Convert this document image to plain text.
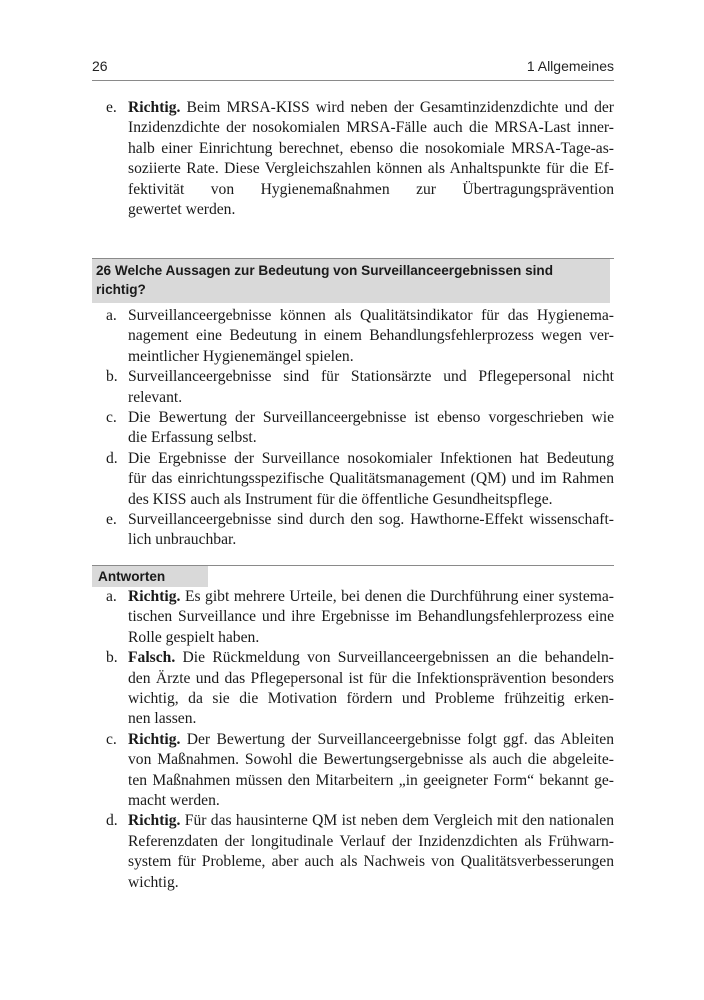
26	1 Allgemeines
e. Richtig. Beim MRSA-KISS wird neben der Gesamtinzidenzdichte und der
Inzidenzdichte der nosokomialen MRSA-Fälle auch die MRSA-Last inner-
halb einer Einrichtung berechnet, ebenso die nosokomiale MRSA-Tage-as-
soziierte Rate. Diese Vergleichszahlen können als Anhaltspunkte für die Ef-
fektivität von Hygienemaßnahmen zur Übertragungsprävention
gewertet werden.
26 Welche Aussagen zur Bedeutung von Surveillanceergebnissen sind richtig?
a. Surveillanceergebnisse können als Qualitätsindikator für das Hygienema-
nagement eine Bedeutung in einem Behandlungsfehlerprozess wegen ver-
meintlicher Hygienemängel spielen.
b. Surveillanceergebnisse sind für Stationsärzte und Pflegepersonal nicht
relevant.
c. Die Bewertung der Surveillanceergebnisse ist ebenso vorgeschrieben wie
die Erfassung selbst.
d. Die Ergebnisse der Surveillance nosokomialer Infektionen hat Bedeutung
für das einrichtungsspezifische Qualitätsmanagement (QM) und im Rahmen
des KISS auch als Instrument für die öffentliche Gesundheitspflege.
e. Surveillanceergebnisse sind durch den sog. Hawthorne-Effekt wissenschaft-
lich unbrauchbar.
Antworten
a. Richtig. Es gibt mehrere Urteile, bei denen die Durchführung einer systema-
tischen Surveillance und ihre Ergebnisse im Behandlungsfehlerprozess eine
Rolle gespielt haben.
b. Falsch. Die Rückmeldung von Surveillanceergebnissen an die behandeln-
den Ärzte und das Pflegepersonal ist für die Infektionsprävention besonders
wichtig, da sie die Motivation fördern und Probleme frühzeitig erken-
nen lassen.
c. Richtig. Der Bewertung der Surveillanceergebnisse folgt ggf. das Ableiten
von Maßnahmen. Sowohl die Bewertungsergebnisse als auch die abgeleite-
ten Maßnahmen müssen den Mitarbeitern „in geeigneter Form“ bekannt ge-
macht werden.
d. Richtig. Für das hausinterne QM ist neben dem Vergleich mit den nationalen
Referenzdaten der longitudinale Verlauf der Inzidenzdichten als Frühwarn-
system für Probleme, aber auch als Nachweis von Qualitätsverbesserungen
wichtig.
